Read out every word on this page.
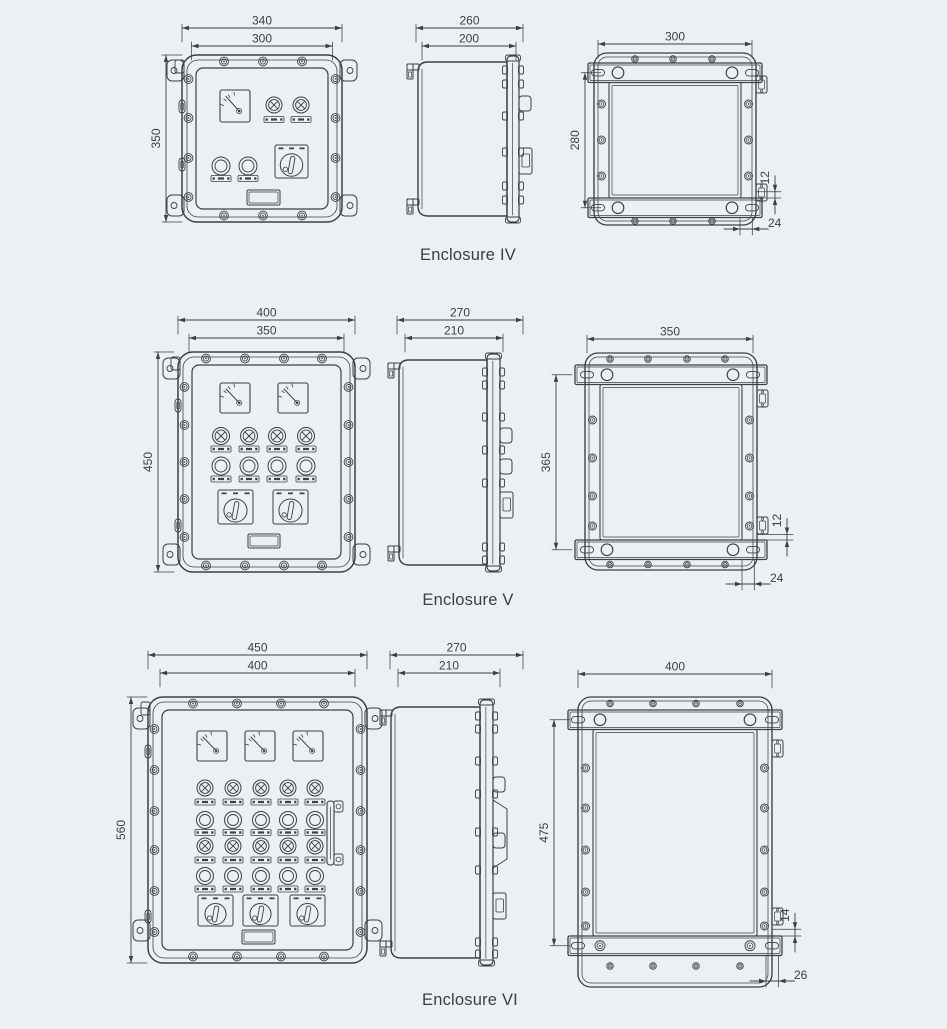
340
300
350
260
200	300
280
12
24
400
350
450
270
210	350
365
12
24
450
400
560
270
210	400
475
14
26
Enclosure IV
Enclosure V
Enclosure VI
